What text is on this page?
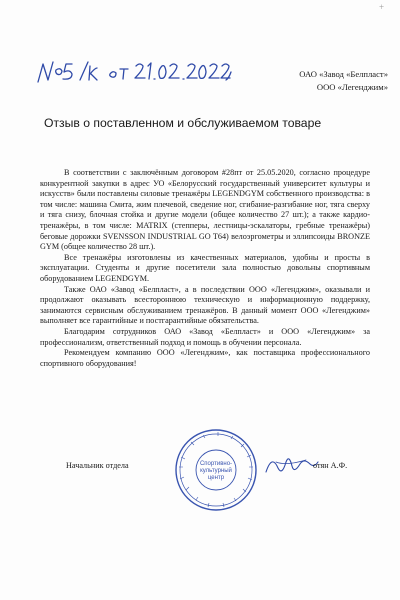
+
ОАО «Завод «Белпласт»
ООО «Легенджим»
Отзыв о поставленном и обслуживаемом товаре

В соответствии с заключённым договором #28пт от 25.05.2020, согласно процедуре конкурентной закупки в адрес УО «Белорусский государственный университет культуры и искусств» были поставлены силовые тренажёры LEGENDGYM собственного производства: в том числе: машина Смита, жим плечевой, сведение ног, сгибание-разгибание ног, тяга сверху и тяга снизу, блочная стойка и другие модели (общее количество 27 шт.); а также кардио-тренажёры, в том числе: MATRIX (степперы, лестницы-эскалаторы, гребные тренажёры) беговые дорожки SVENSSON INDUSTRIAL GO T64) велоэргометры и эллипсоиды BRONZE GYM (общее количество 28 шт.).

Все тренажёры изготовлены из качественных материалов, удобны и просты в эксплуатации. Студенты и другие посетители зала полностью довольны спортивным оборудованием LEGENDGYM.

Также ОАО «Завод «Белпласт», а в последствии ООО «Легенджим», оказывали и продолжают оказывать всестороннюю техническую и информационную поддержку, занимаются сервисным обслуживанием тренажёров. В данный момент ООО «Легенджим» выполняет все гарантийные и постгарантийные обязательства.

Благодарим сотрудников ОАО «Завод «Белпласт» и ООО «Легенджим» за профессионализм, ответственный подход и помощь в обучении персонала.

Рекомендуем компанию ООО «Легенджим», как поставщика профессионального спортивного оборудования!

Начальник отдела	Спортивно-
культурный
центр
отян А.Ф.
